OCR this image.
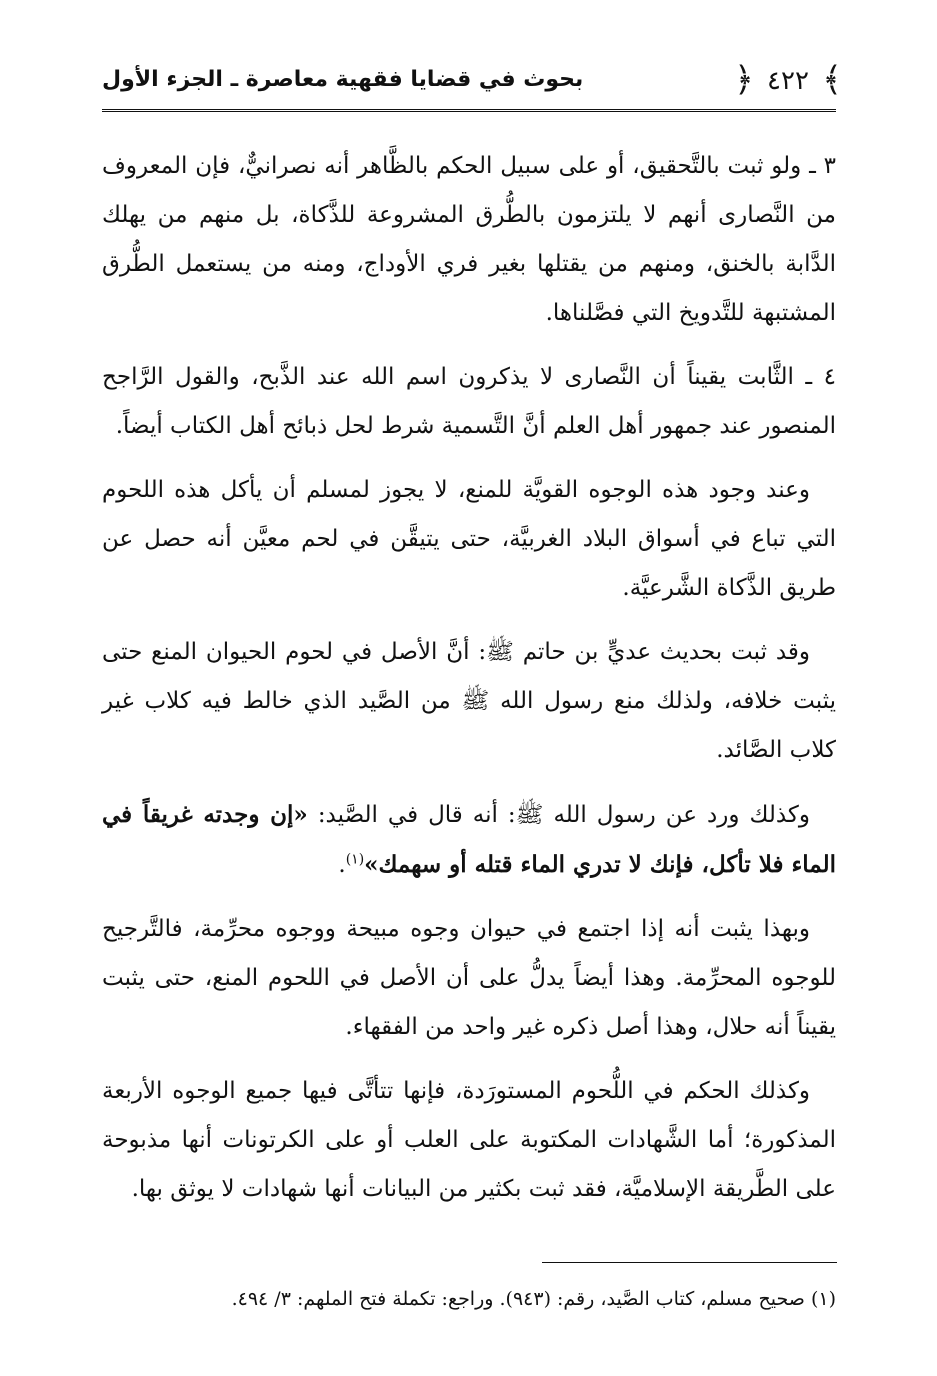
﴾ ٤٢٢ ﴿
بحوث في قضايا فقهية معاصرة ـ الجزء الأول

٣ ـ ولو ثبت بالتَّحقيق، أو على سبيل الحكم بالظَّاهر أنه نصرانيٌّ، فإن المعروف من النَّصارى أنهم لا يلتزمون بالطُّرق المشروعة للذَّكاة، بل منهم من يهلك الدَّابة بالخنق، ومنهم من يقتلها بغير فري الأوداج، ومنه من يستعمل الطُّرق المشتبهة للتَّدويخ التي فصَّلناها.

٤ ـ الثَّابت يقيناً أن النَّصارى لا يذكرون اسم الله عند الذَّبح، والقول الرَّاجح المنصور عند جمهور أهل العلم أنَّ التَّسمية شرط لحل ذبائح أهل الكتاب أيضاً.

وعند وجود هذه الوجوه القويَّة للمنع، لا يجوز لمسلم أن يأكل هذه اللحوم التي تباع في أسواق البلاد الغربيَّة، حتى يتيقَّن في لحم معيَّن أنه حصل عن طريق الذَّكاة الشَّرعيَّة.

وقد ثبت بحديث عديٍّ بن حاتم ﷺ: أنَّ الأصل في لحوم الحيوان المنع حتى يثبت خلافه، ولذلك منع رسول الله ﷺ من الصَّيد الذي خالط فيه كلاب غير كلاب الصَّائد.

وكذلك ورد عن رسول الله ﷺ: أنه قال في الصَّيد: «إن وجدته غريقاً في الماء فلا تأكل، فإنك لا تدري الماء قتله أو سهمك»$^{(١)}$.

وبهذا يثبت أنه إذا اجتمع في حيوان وجوه مبيحة ووجوه محرِّمة، فالتَّرجيح للوجوه المحرِّمة. وهذا أيضاً يدلُّ على أن الأصل في اللحوم المنع، حتى يثبت يقيناً أنه حلال، وهذا أصل ذكره غير واحد من الفقهاء.

وكذلك الحكم في اللُّحوم المستورَدة، فإنها تتأتَّى فيها جميع الوجوه الأربعة المذكورة؛ أما الشَّهادات المكتوبة على العلب أو على الكرتونات أنها مذبوحة على الطَّريقة الإسلاميَّة، فقد ثبت بكثير من البيانات أنها شهادات لا يوثق بها.

(١) صحيح مسلم، كتاب الصَّيد، رقم: (٩٤٣). وراجع: تكملة فتح الملهم: ٣/ ٤٩٤.
